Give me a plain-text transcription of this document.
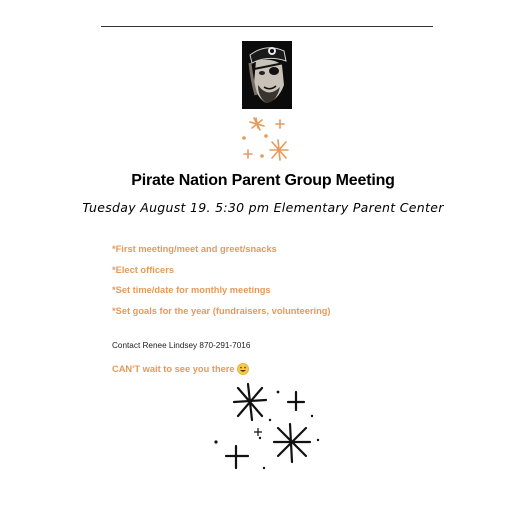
Pirate Nation Parent Group Meeting
Tuesday August 19. 5:30 pm Elementary Parent Center
*First meeting/meet and greet/snacks
*Elect officers
*Set time/date for monthly meetings
*Set goals for the year (fundraisers, volunteering)
Contact Renee Lindsey 870-291-7016
CAN'T wait to see you there
